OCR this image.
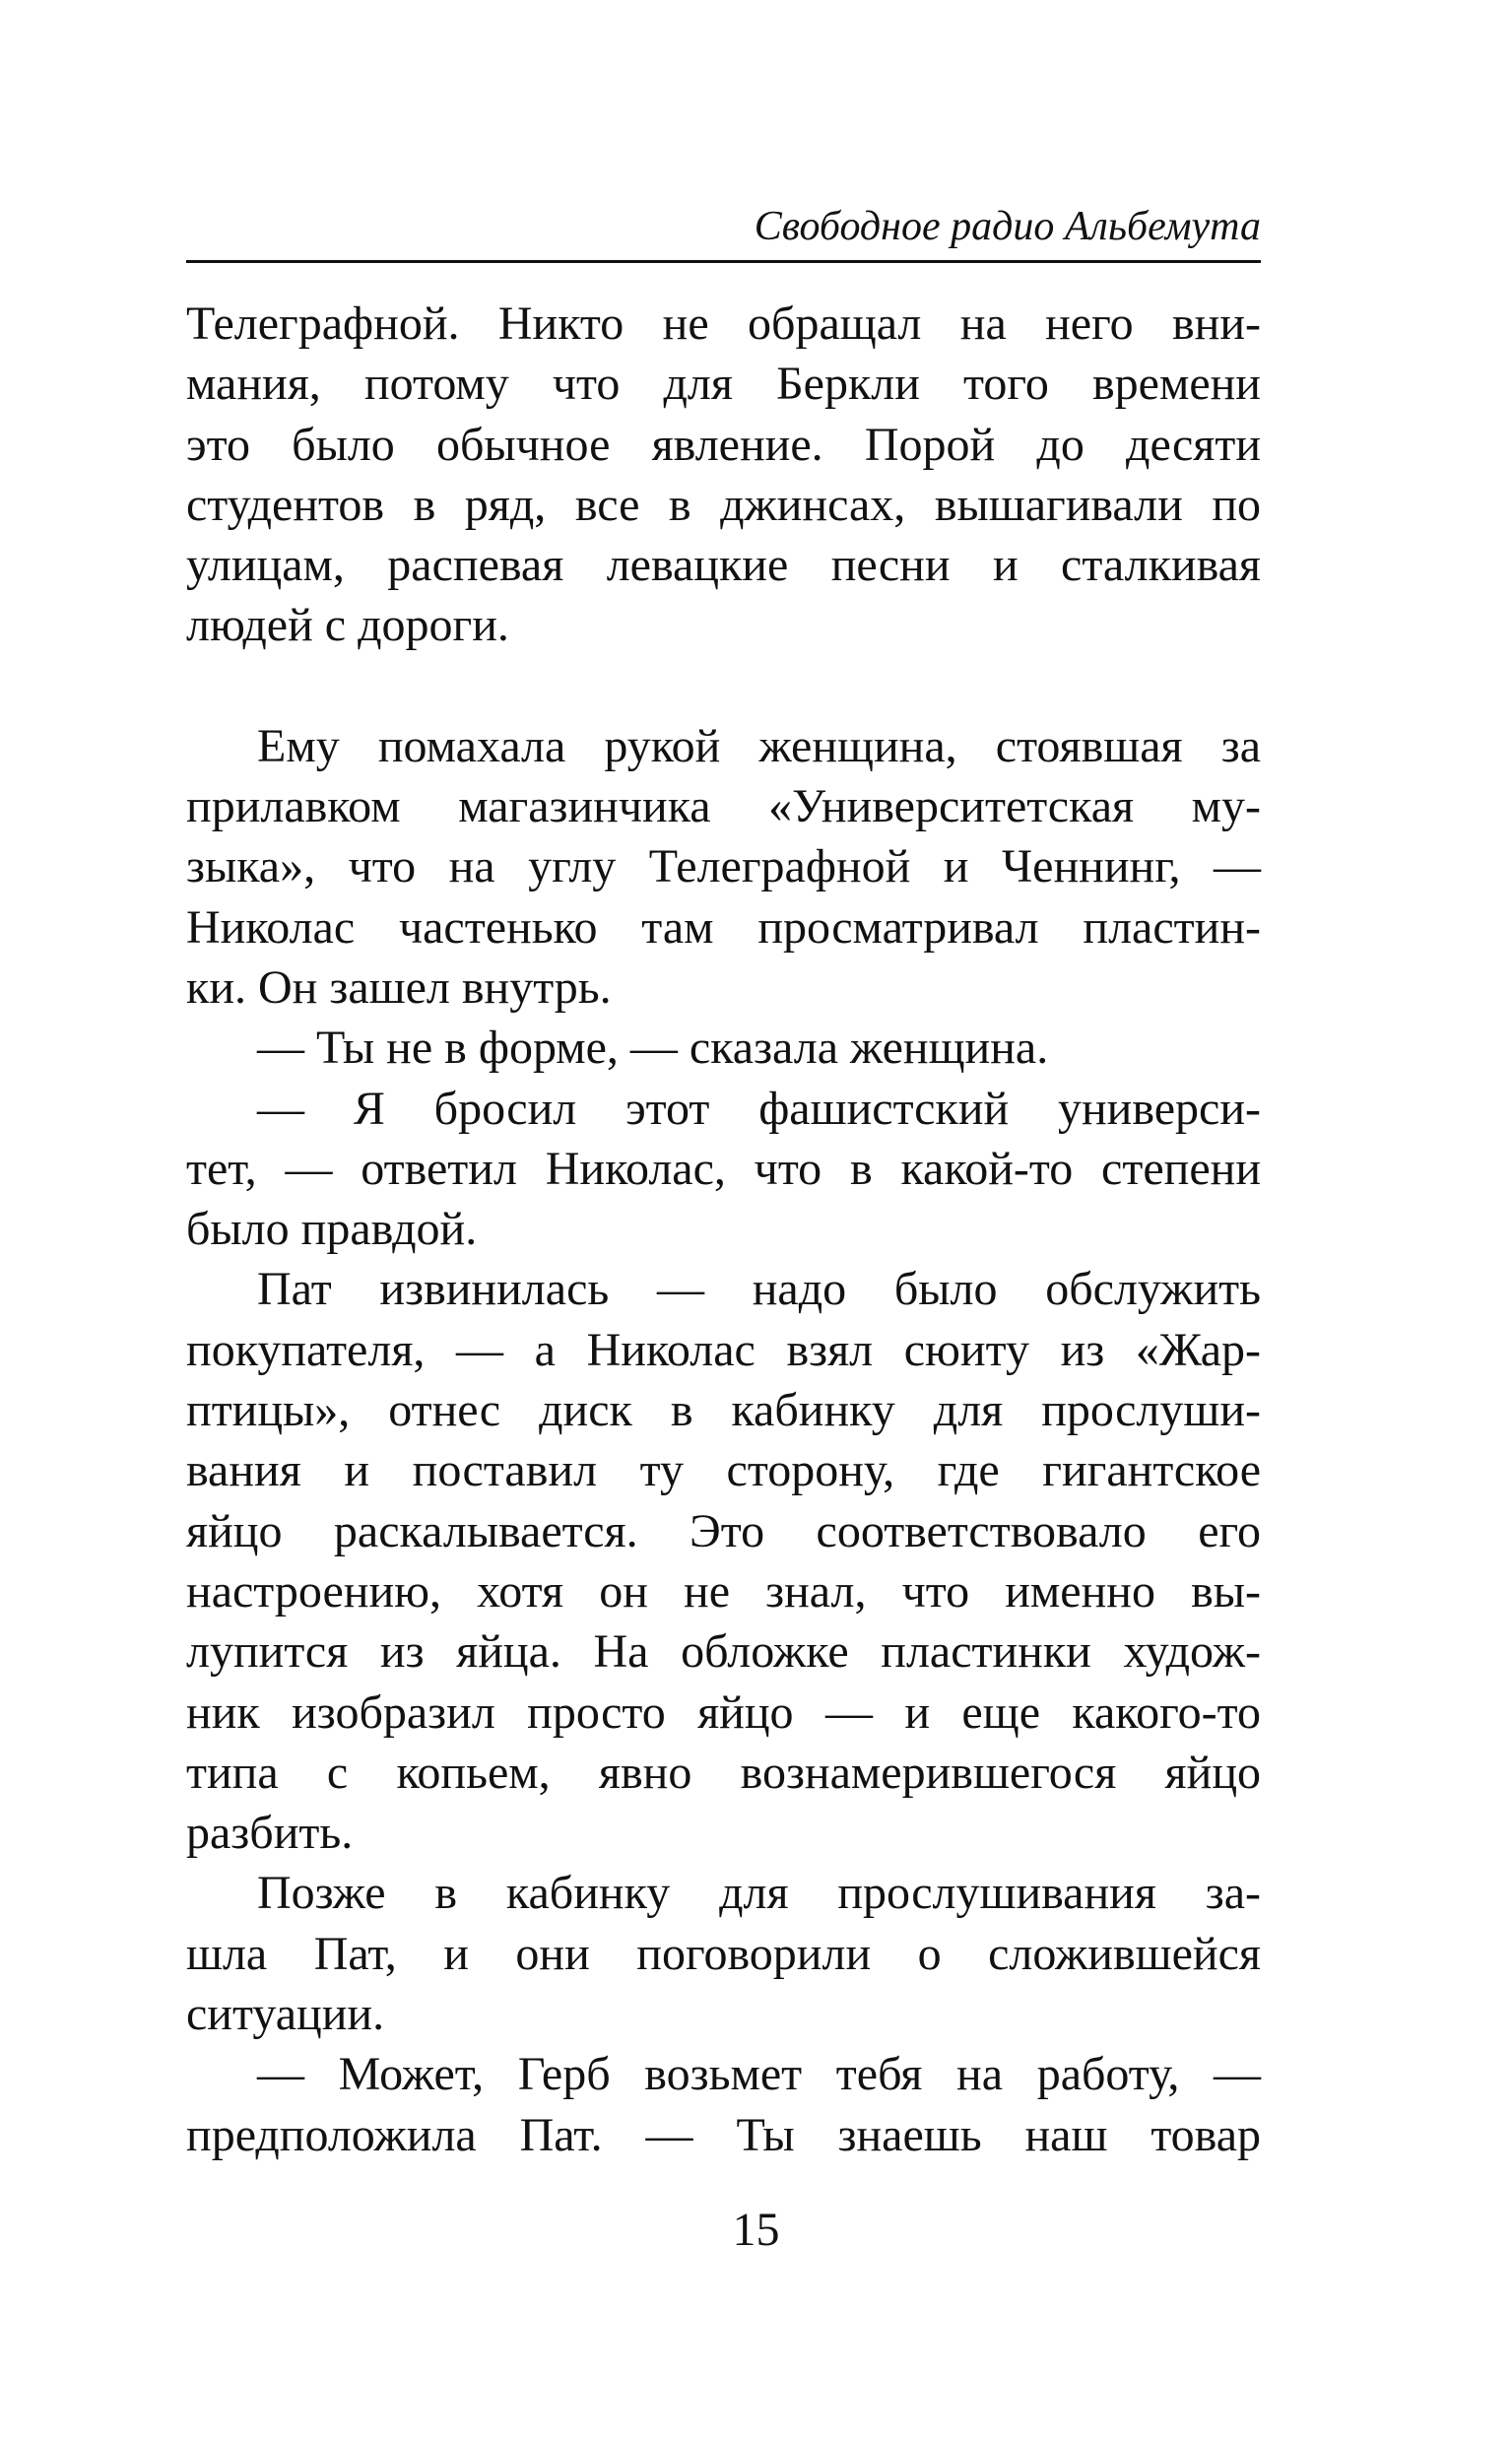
Свободное радио Альбемута
Телеграфной. Никто не обращал на него вни-
мания, потому что для Беркли того времени
это было обычное явление. Порой до десяти
студентов в ряд, все в джинсах, вышагивали по
улицам, распевая левацкие песни и сталкивая
людей с дороги.
Ему помахала рукой женщина, стоявшая за
прилавком магазинчика «Университетская му-
зыка», что на углу Телеграфной и Ченнинг, —
Николас частенько там просматривал пластин-
ки. Он зашел внутрь.
— Ты не в форме, — сказала женщина.
— Я бросил этот фашистский универси-
тет, — ответил Николас, что в какой-то степени
было правдой.
Пат извинилась — надо было обслужить
покупателя, — а Николас взял сюиту из «Жар-
птицы», отнес диск в кабинку для прослуши-
вания и поставил ту сторону, где гигантское
яйцо раскалывается. Это соответствовало его
настроению, хотя он не знал, что именно вы-
лупится из яйца. На обложке пластинки худож-
ник изобразил просто яйцо — и еще какого-то
типа с копьем, явно вознамерившегося яйцо
разбить.
Позже в кабинку для прослушивания за-
шла Пат, и они поговорили о сложившейся
ситуации.
— Может, Герб возьмет тебя на работу, —
предположила Пат. — Ты знаешь наш товар
15
